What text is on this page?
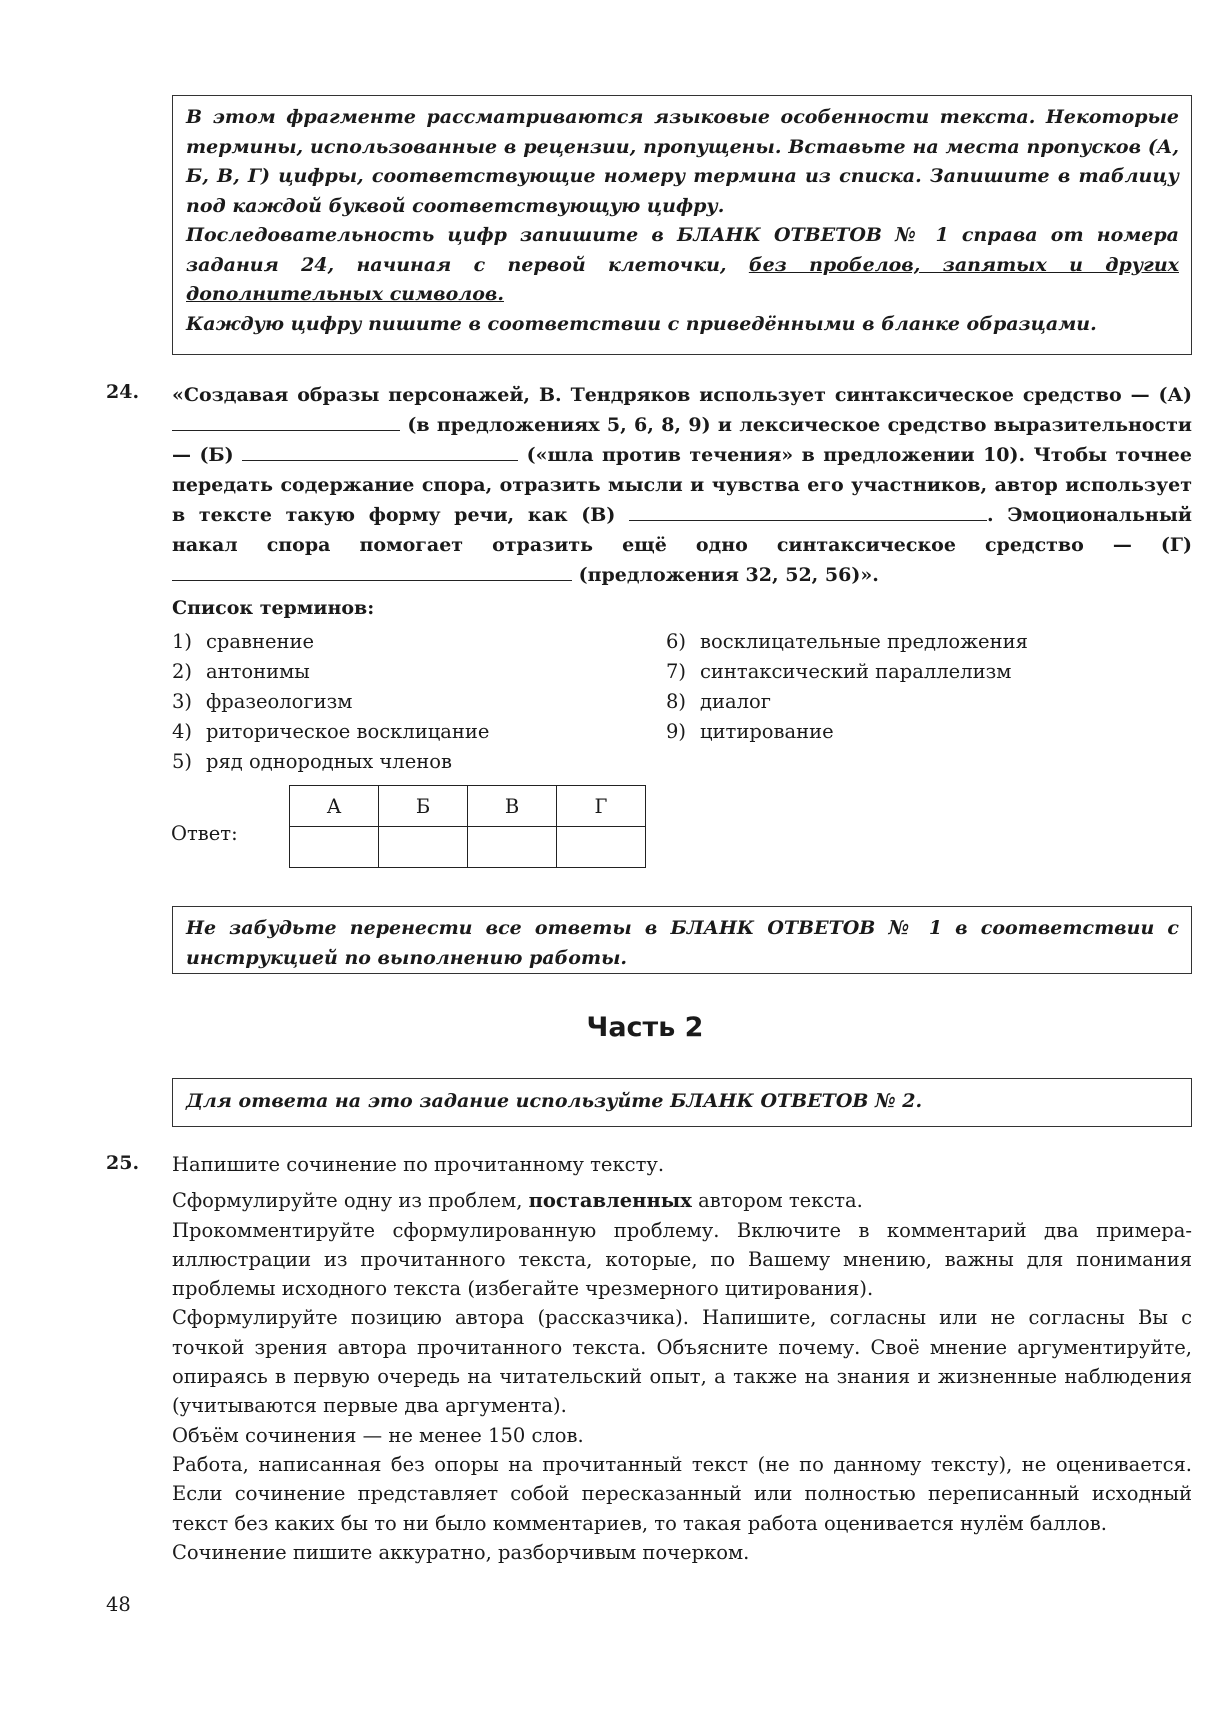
В этом фрагменте рассматриваются языковые особенности текста. Некоторые термины, использованные в рецензии, пропущены. Вставьте на места пропусков (А, Б, В, Г) цифры, соответствующие номеру термина из списка. Запишите в таблицу под каждой буквой соответствующую цифру.

Последовательность цифр запишите в БЛАНК ОТВЕТОВ № 1 справа от номера задания 24, начиная с первой клеточки, без пробелов, запятых и других дополнительных символов.

Каждую цифру пишите в соответствии с приведёнными в бланке образцами.

24. «Создавая образы персонажей, В. Тендряков использует синтаксическое средство — (А)  (в предложениях 5, 6, 8, 9) и лексическое средство выразительности — (Б)	(«шла против течения» в предложении 10). Чтобы точнее передать содержание спора, отразить мысли и чувства его участников, автор использует в тексте такую форму речи, как (В)	. Эмоциональный накал спора помогает отразить ещё одно синтаксическое средство — (Г)  (предложения 32, 52, 56)».

Список терминов:
1) сравнение
2) антонимы
3) фразеологизм
4) риторическое восклицание
5) ряд однородных членов
6) восклицательные предложения
7) синтаксический параллелизм
8) диалог
9) цитирование
Ответ:
А	Б	В	Г

Не забудьте перенести все ответы в БЛАНК ОТВЕТОВ № 1 в соответствии с инструкцией по выполнению работы.

Часть 2

Для ответа на это задание используйте БЛАНК ОТВЕТОВ № 2.

25. Напишите сочинение по прочитанному тексту.

Сформулируйте одну из проблем, поставленных автором текста.

Прокомментируйте сформулированную проблему. Включите в комментарий два примера-иллюстрации из прочитанного текста, которые, по Вашему мнению, важны для понимания проблемы исходного текста (избегайте чрезмерного цитирования).

Сформулируйте позицию автора (рассказчика). Напишите, согласны или не согласны Вы с точкой зрения автора прочитанного текста. Объясните почему. Своё мнение аргументируйте, опираясь в первую очередь на читательский опыт, а также на знания и жизненные наблюдения (учитываются первые два аргумента).

Объём сочинения — не менее 150 слов.

Работа, написанная без опоры на прочитанный текст (не по данному тексту), не оценивается. Если сочинение представляет собой пересказанный или полностью переписанный исходный текст без каких бы то ни было комментариев, то такая работа оценивается нулём баллов.

Сочинение пишите аккуратно, разборчивым почерком.

48
